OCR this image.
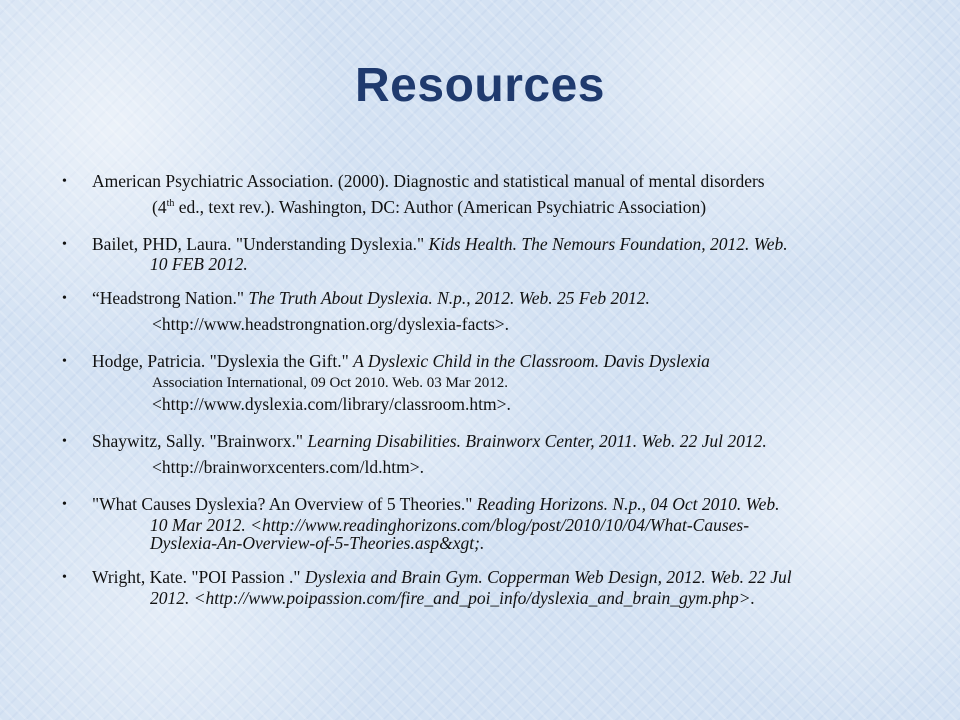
Resources
• American Psychiatric Association. (2000). Diagnostic and statistical manual of mental disorders
(4th ed., text rev.). Washington, DC: Author (American Psychiatric Association)
• Bailet, PHD, Laura. "Understanding Dyslexia." Kids Health. The Nemours Foundation, 2012. Web.
10 FEB 2012.
• “Headstrong Nation." The Truth About Dyslexia. N.p., 2012. Web. 25 Feb 2012.
<http://www.headstrongnation.org/dyslexia-facts>.
• Hodge, Patricia. "Dyslexia the Gift." A Dyslexic Child in the Classroom. Davis Dyslexia
Association International, 09 Oct 2010. Web. 03 Mar 2012.
<http://www.dyslexia.com/library/classroom.htm>.
• Shaywitz, Sally. "Brainworx." Learning Disabilities. Brainworx Center, 2011. Web. 22 Jul 2012.
<http://brainworxcenters.com/ld.htm>.
• "What Causes Dyslexia? An Overview of 5 Theories." Reading Horizons. N.p., 04 Oct 2010. Web.
10 Mar 2012. <http://www.readinghorizons.com/blog/post/2010/10/04/What-Causes-
Dyslexia-An-Overview-of-5-Theories.asp&xgt;.
• Wright, Kate. "POI Passion ." Dyslexia and Brain Gym. Copperman Web Design, 2012. Web. 22 Jul
2012. <http://www.poipassion.com/fire_and_poi_info/dyslexia_and_brain_gym.php>.
